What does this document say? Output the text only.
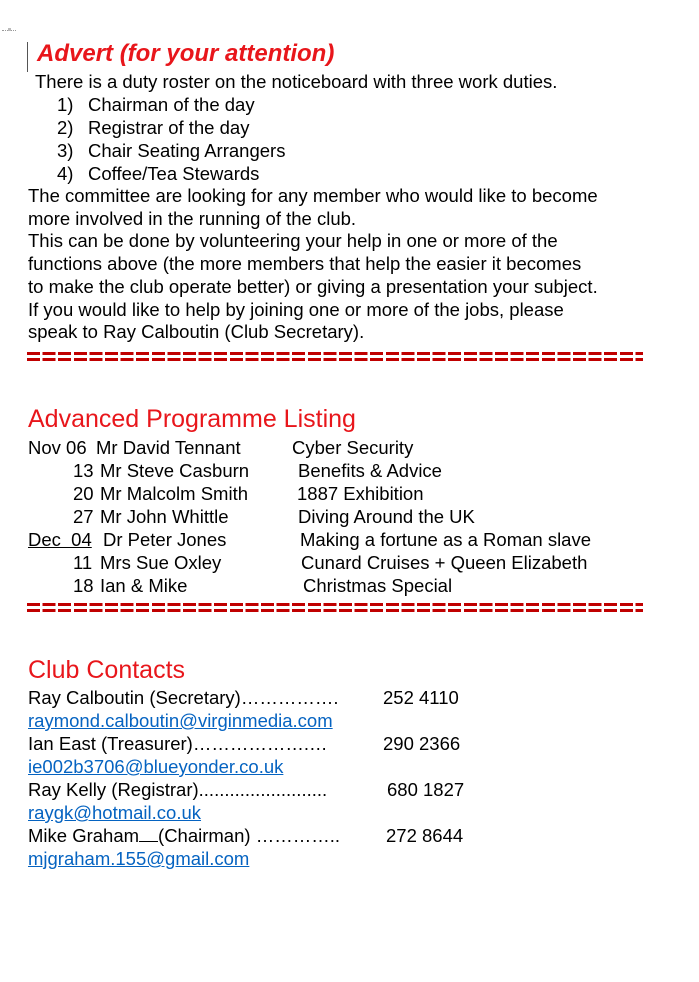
Advert (for your attention)
There is a duty roster on the noticeboard with three work duties.
1) Chairman of the day
2) Registrar of the day
3) Chair Seating Arrangers
4) Coffee/Tea Stewards
The committee are looking for any member who would like to become
more involved in the running of the club.
This can be done by volunteering your help in one or more of the
functions above (the more members that help the easier it becomes
to make the club operate better) or giving a presentation your subject.
If you would like to help by joining one or more of the jobs, please
speak to Ray Calboutin (Club Secretary).
Advanced Programme Listing
Nov 06 Mr David Tennant	Cyber Security
13 Mr Steve Casburn	Benefits & Advice
20 Mr Malcolm Smith	1887 Exhibition
27 Mr John Whittle	Diving Around the UK
Dec  04 Dr Peter Jones	Making a fortune as a Roman slave
11 Mrs Sue Oxley	Cunard Cruises + Queen Elizabeth
18 Ian & Mike	Christmas Special
Club Contacts
Ray Calboutin (Secretary)……………. 252 4110
raymond.calboutin@virginmedia.com
Ian East (Treasurer)……………….…	290 2366
ie002b3706@blueyonder.co.uk
Ray Kelly (Registrar).........................	680 1827
raygk@hotmail.co.uk
Mike Graham (Chairman) ………….. 272 8644
mjgraham.155@gmail.com
